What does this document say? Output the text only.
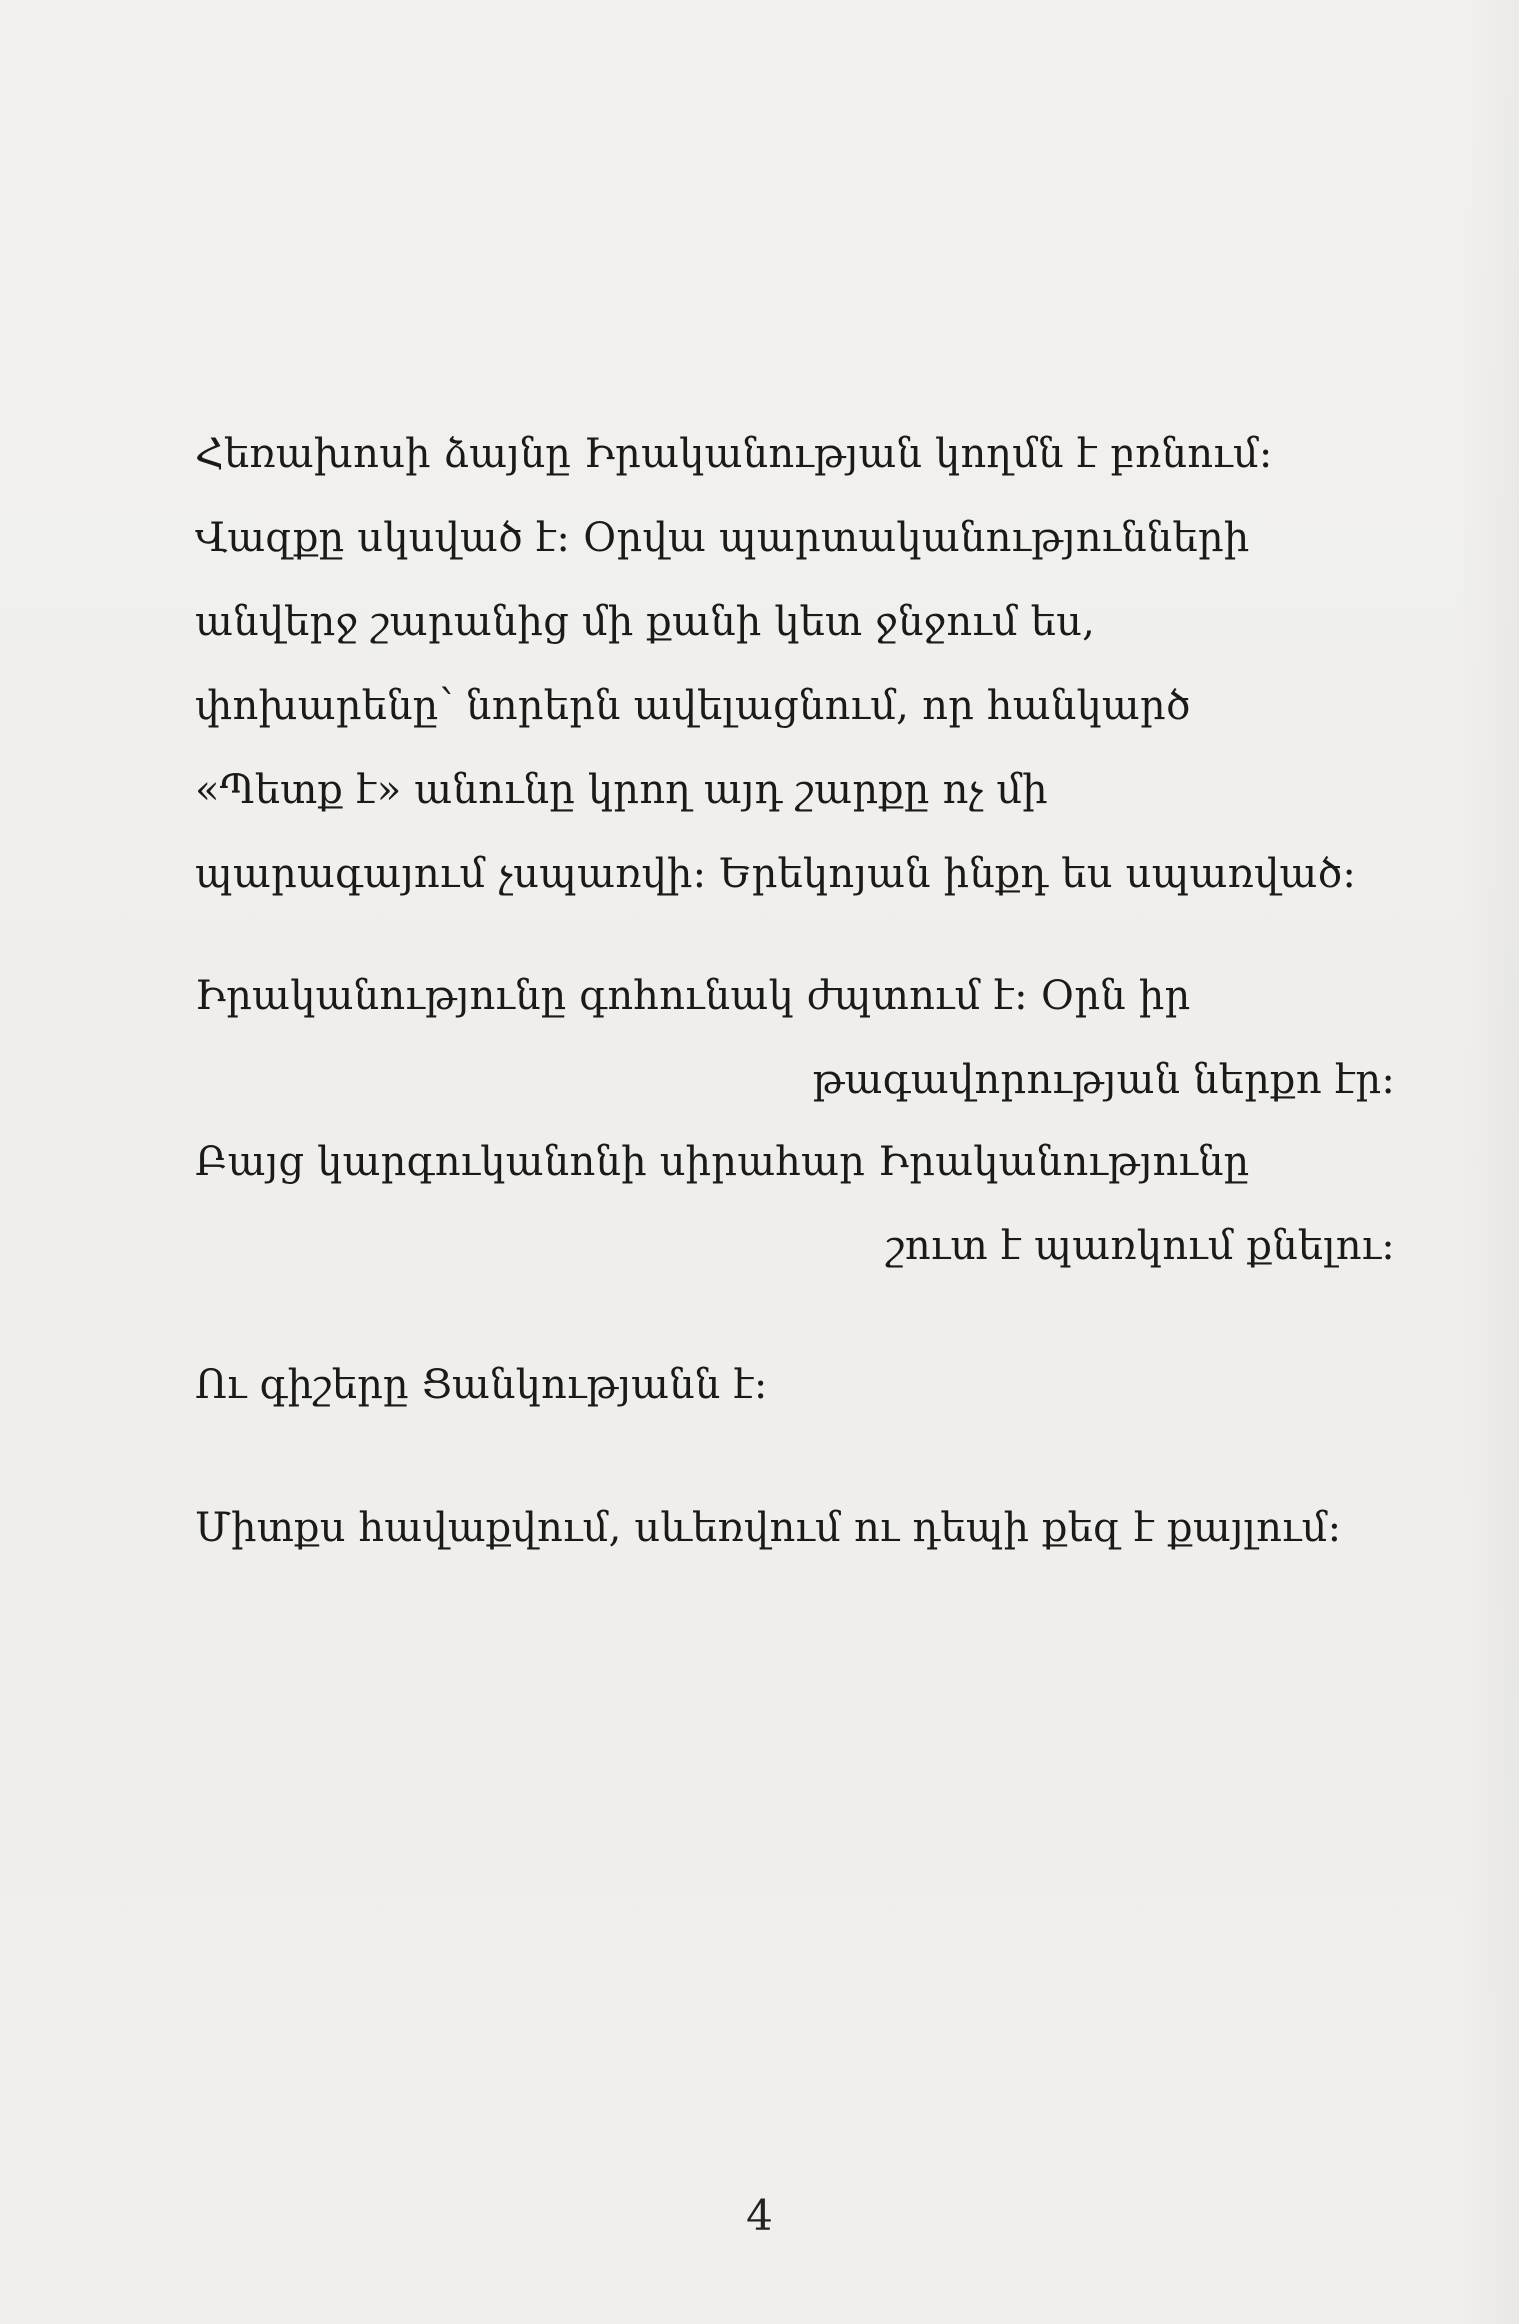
Հեռախոսի ձայնը Իրականության կողմն է բռնում:
Վազքը սկսված է: Օրվա պարտականությունների
անվերջ շարանից մի քանի կետ ջնջում ես,
փոխարենը՝ նորերն ավելացնում, որ հանկարծ
«Պետք է» անունը կրող այդ շարքը ոչ մի
պարագայում չսպառվի: Երեկոյան ինքդ ես սպառված:
Իրականությունը գոհունակ ժպտում է: Օրն իր
թագավորության ներքո էր:
Բայց կարգուկանոնի սիրահար Իրականությունը
շուտ է պառկում քնելու:
Ու գիշերը Ցանկությանն է:
Միտքս հավաքվում, սևեռվում ու դեպի քեզ է քայլում:
4
